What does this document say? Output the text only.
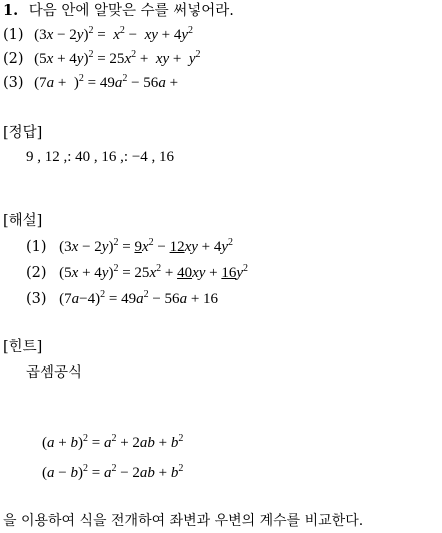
1. 다음 안에 알맞은 수를 써넣어라.
(1) $(3x - 2y)^2 = x^2$ −  xy + $4y^2$
(2) $(5x + 4y)^2 = 25x^2$ +  xy +  $y^2$
(3) $(7a + )^2 = 49a^2 - 56a$ +
[정답]
9 , 12 ,: 40 , 16 ,: −4 , 16
[해설]
(1) $(3x - 2y)^2 = 9x^2 - 12xy + 4y^2$
(2) $(5x + 4y)^2 = 25x^2 + 40xy + 16y^2$
(3) $(7a-4)^2 = 49a^2 - 56a + 16$
[힌트]
곱셈공식
$(a + b)^2 = a^2 + 2ab + b^2$
$(a - b)^2 = a^2 - 2ab + b^2$
을 이용하여 식을 전개하여 좌변과 우변의 계수를 비교한다.
